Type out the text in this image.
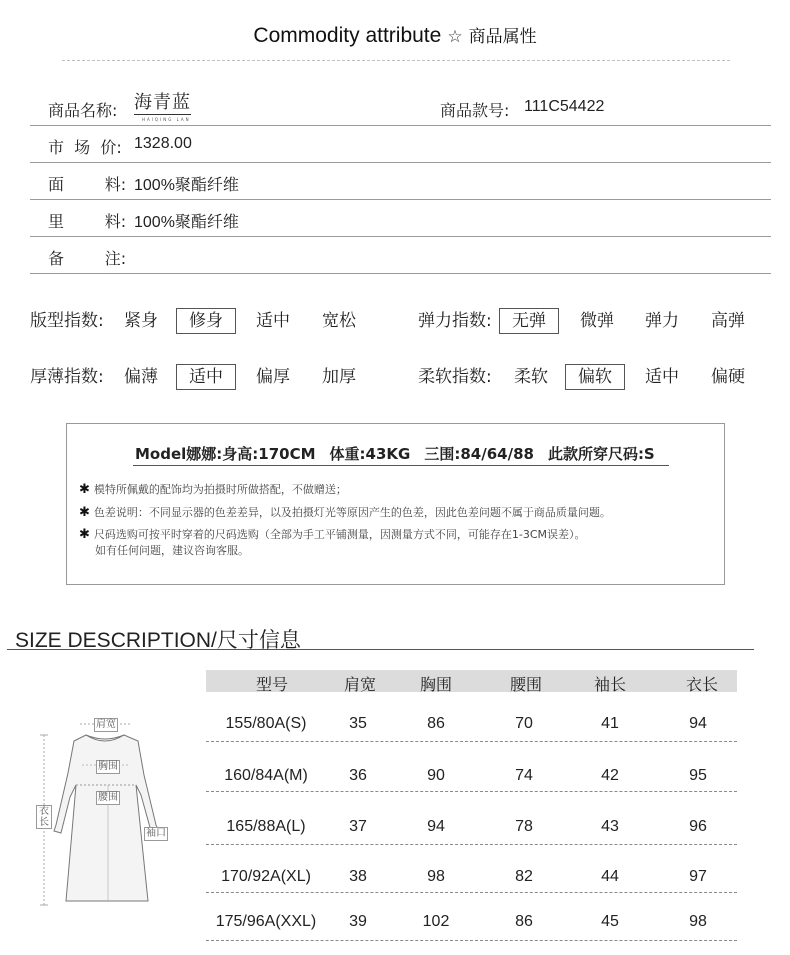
Commodity attribute ☆ 商品属性
商品名称: 海青蓝
HAIQING LAN	商品款号: 111C54422
市  场  价: 1328.00
面        料: 100%聚酯纤维
里        料: 100%聚酯纤维
备        注:
版型指数: 紧身	修身	适中 宽松	弹力指数:	无弹	微弹 弹力 高弹
厚薄指数: 偏薄	适中	偏厚 加厚	柔软指数: 柔软	偏软	适中 偏硬
Model娜娜:身高:170CM 体重:43KG 三围:84/64/88 此款所穿尺码:S
✱ 模特所佩戴的配饰均为拍摄时所做搭配，不做赠送；
✱ 色差说明：不同显示器的色差差异，以及拍摄灯光等原因产生的色差，因此色差问题不属于商品质量问题。
✱ 尺码选购可按平时穿着的尺码选购（全部为手工平铺测量，因测量方式不同，可能存在1-3CM误差）。
如有任何问题，建议咨询客服。
SIZE DESCRIPTION/尺寸信息
型号	肩宽	胸围	腰围	袖长	衣长
155/80A(S)	35	86	70	41	94
160/84A(M)	36	90	74	42	95
165/88A(L)	37	94	78	43	96
170/92A(XL)	38	98	82	44	97
175/96A(XXL)	39	102	86	45	98
肩宽
胸围
腰围
衣长
袖口
